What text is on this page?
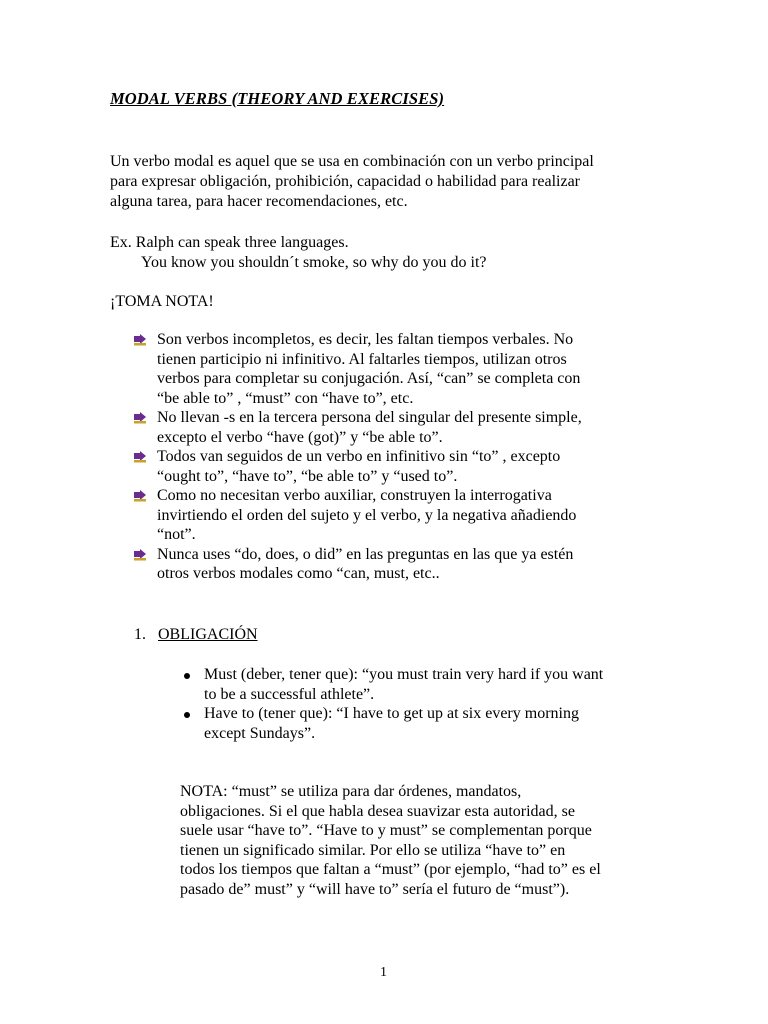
MODAL VERBS (THEORY AND EXERCISES)
Un verbo modal es aquel que se usa en combinación con un verbo principal
para expresar obligación, prohibición, capacidad o habilidad para realizar
alguna tarea, para hacer recomendaciones, etc.
Ex. Ralph can speak three languages.
You know you shouldn´t smoke, so why do you do it?
¡TOMA NOTA!
Son verbos incompletos, es decir, les faltan tiempos verbales. No
tienen participio ni infinitivo. Al faltarles tiempos, utilizan otros
verbos para completar su conjugación. Así, “can” se completa con
“be able to” , “must” con “have to”, etc.
No llevan -s en la tercera persona del singular del presente simple,
excepto el verbo “have (got)” y “be able to”.
Todos van seguidos de un verbo en infinitivo sin “to” , excepto
“ought to”, “have to”, “be able to” y “used to”.
Como no necesitan verbo auxiliar, construyen la interrogativa
invirtiendo el orden del sujeto y el verbo, y la negativa añadiendo
“not”.
Nunca uses “do, does, o did” en las preguntas en las que ya estén
otros verbos modales como “can, must, etc..
1. OBLIGACIÓN
Must (deber, tener que): “you must train very hard if you want
to be a successful athlete”.
Have to (tener que): “I have to get up at six every morning
except Sundays”.
NOTA: “must” se utiliza para dar órdenes, mandatos,
obligaciones. Si el que habla desea suavizar esta autoridad, se
suele usar “have to”. “Have to y must” se complementan porque
tienen un significado similar. Por ello se utiliza “have to” en
todos los tiempos que faltan a “must” (por ejemplo, “had to” es el
pasado de” must” y “will have to” sería el futuro de “must”).
1
